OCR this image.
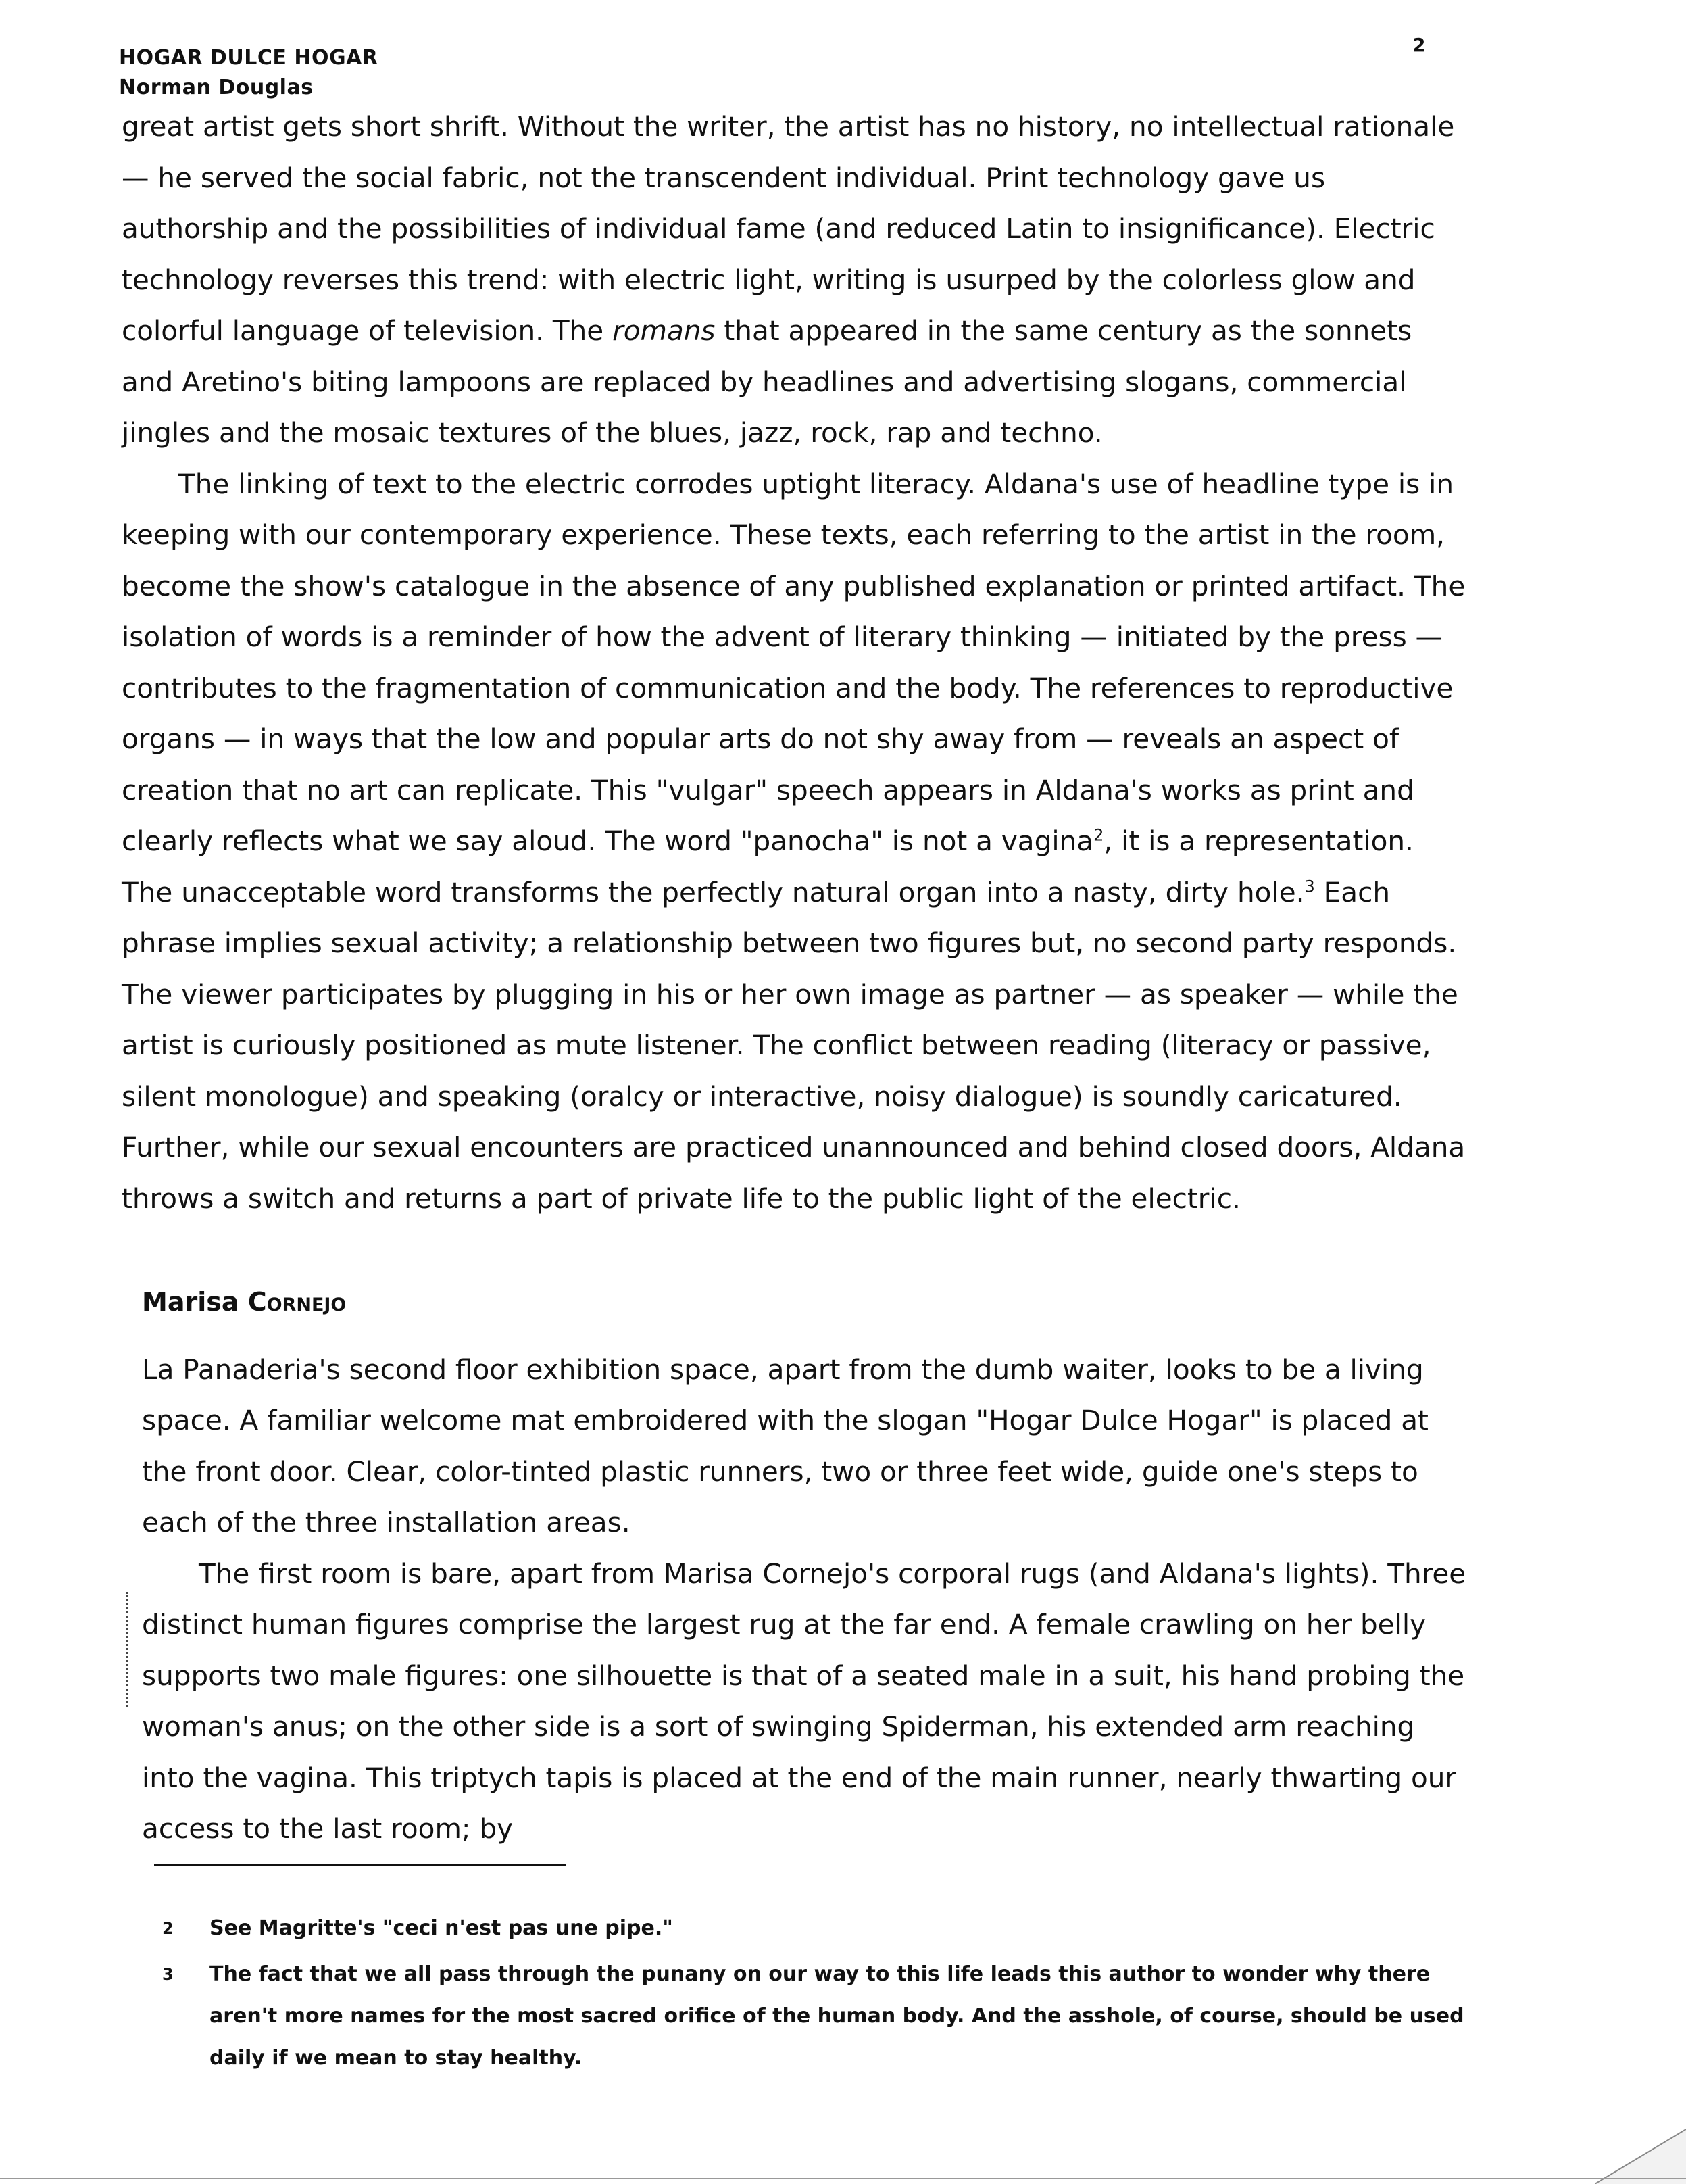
HOGAR DULCE HOGAR
Norman Douglas
2

great artist gets short shrift. Without the writer, the artist has no history, no intellectual rationale — he served the social fabric, not the transcendent individual. Print technology gave us authorship and the possibilities of individual fame (and reduced Latin to insignificance). Electric technology reverses this trend: with electric light, writing is usurped by the colorless glow and colorful language of television. The romans that appeared in the same century as the sonnets and Aretino's biting lampoons are replaced by headlines and advertising slogans, commercial jingles and the mosaic textures of the blues, jazz, rock, rap and techno.

The linking of text to the electric corrodes uptight literacy. Aldana's use of headline type is in keeping with our contemporary experience. These texts, each referring to the artist in the room, become the show's catalogue in the absence of any published explanation or printed artifact. The isolation of words is a reminder of how the advent of literary thinking — initiated by the press — contributes to the fragmentation of communication and the body. The references to reproductive organs — in ways that the low and popular arts do not shy away from — reveals an aspect of creation that no art can replicate. This "vulgar" speech appears in Aldana's works as print and clearly reflects what we say aloud. The word "panocha" is not a vagina$^2$, it is a representation. The unacceptable word transforms the perfectly natural organ into a nasty, dirty hole.$^3$ Each phrase implies sexual activity; a relationship between two figures but, no second party responds. The viewer participates by plugging in his or her own image as partner — as speaker — while the artist is curiously positioned as mute listener. The conflict between reading (literacy or passive, silent monologue) and speaking (oralcy or interactive, noisy dialogue) is soundly caricatured. Further, while our sexual encounters are practiced unannounced and behind closed doors, Aldana throws a switch and returns a part of private life to the public light of the electric.

Marisa Cornejo

La Panaderia's second floor exhibition space, apart from the dumb waiter, looks to be a living space. A familiar welcome mat embroidered with the slogan "Hogar Dulce Hogar" is placed at the front door. Clear, color-tinted plastic runners, two or three feet wide, guide one's steps to each of the three installation areas.

The first room is bare, apart from Marisa Cornejo's corporal rugs (and Aldana's lights). Three distinct human figures comprise the largest rug at the far end. A female crawling on her belly supports two male figures: one silhouette is that of a seated male in a suit, his hand probing the woman's anus; on the other side is a sort of swinging Spiderman, his extended arm reaching into the vagina. This triptych tapis is placed at the end of the main runner, nearly thwarting our access to the last room; by

2 See Magritte's "ceci n'est pas une pipe."
3 The fact that we all pass through the punany on our way to this life leads this author to wonder why there aren't more names for the most sacred orifice of the human body. And the asshole, of course, should be used daily if we mean to stay healthy.
